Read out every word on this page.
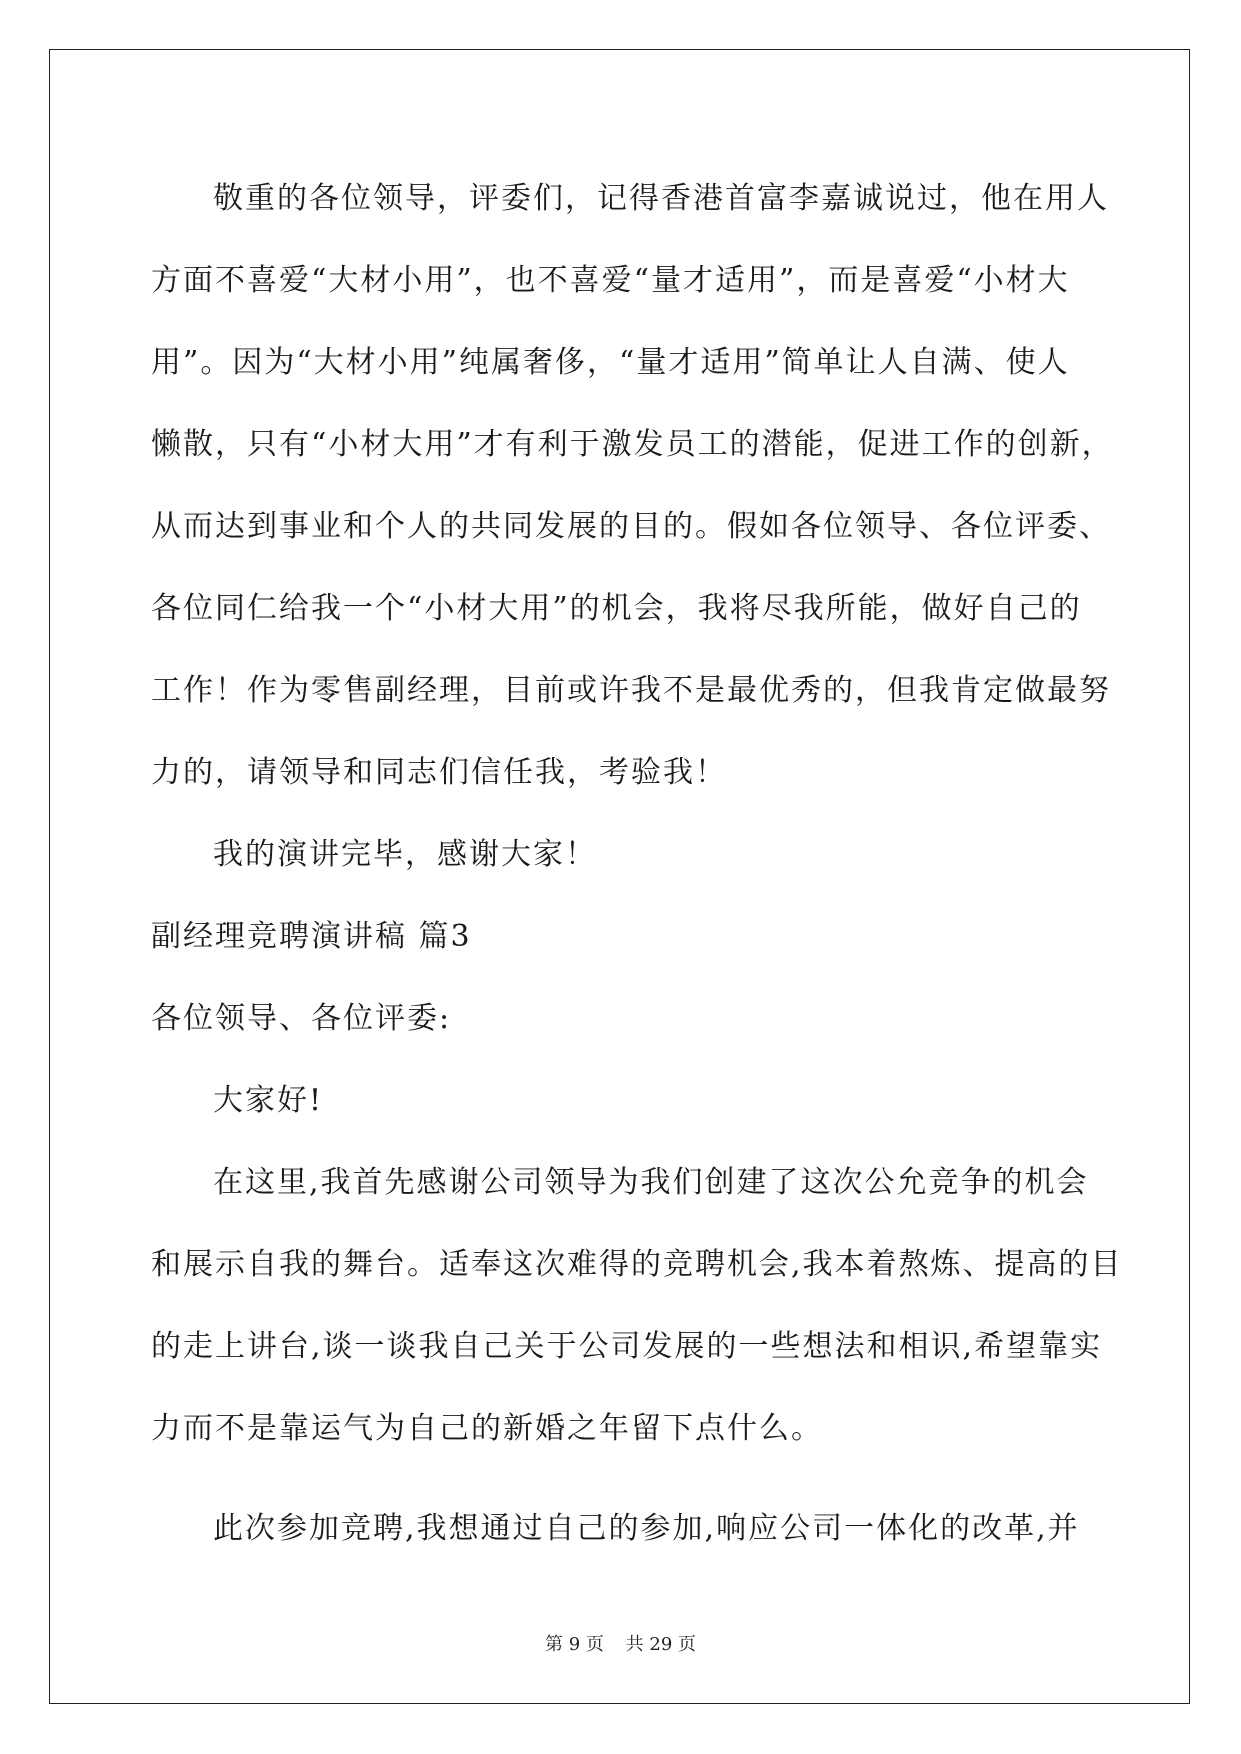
敬重的各位领导，评委们，记得香港首富李嘉诚说过，他在用人
方面不喜爱“大材小用”，也不喜爱“量才适用”，而是喜爱“小材大
用”。因为“大材小用”纯属奢侈，“量才适用”简单让人自满、使人
懒散，只有“小材大用”才有利于激发员工的潜能，促进工作的创新，
从而达到事业和个人的共同发展的目的。假如各位领导、各位评委、
各位同仁给我一个“小材大用”的机会，我将尽我所能，做好自己的
工作！作为零售副经理，目前或许我不是最优秀的，但我肯定做最努
力的，请领导和同志们信任我，考验我！
我的演讲完毕，感谢大家！
副经理竞聘演讲稿 篇3
各位领导、各位评委:
大家好!
在这里,我首先感谢公司领导为我们创建了这次公允竞争的机会
和展示自我的舞台。适奉这次难得的竞聘机会,我本着熬炼、提高的目
的走上讲台,谈一谈我自己关于公司发展的一些想法和相识,希望靠实
力而不是靠运气为自己的新婚之年留下点什么。
此次参加竞聘,我想通过自己的参加,响应公司一体化的改革,并
第 9 页 共 29 页
